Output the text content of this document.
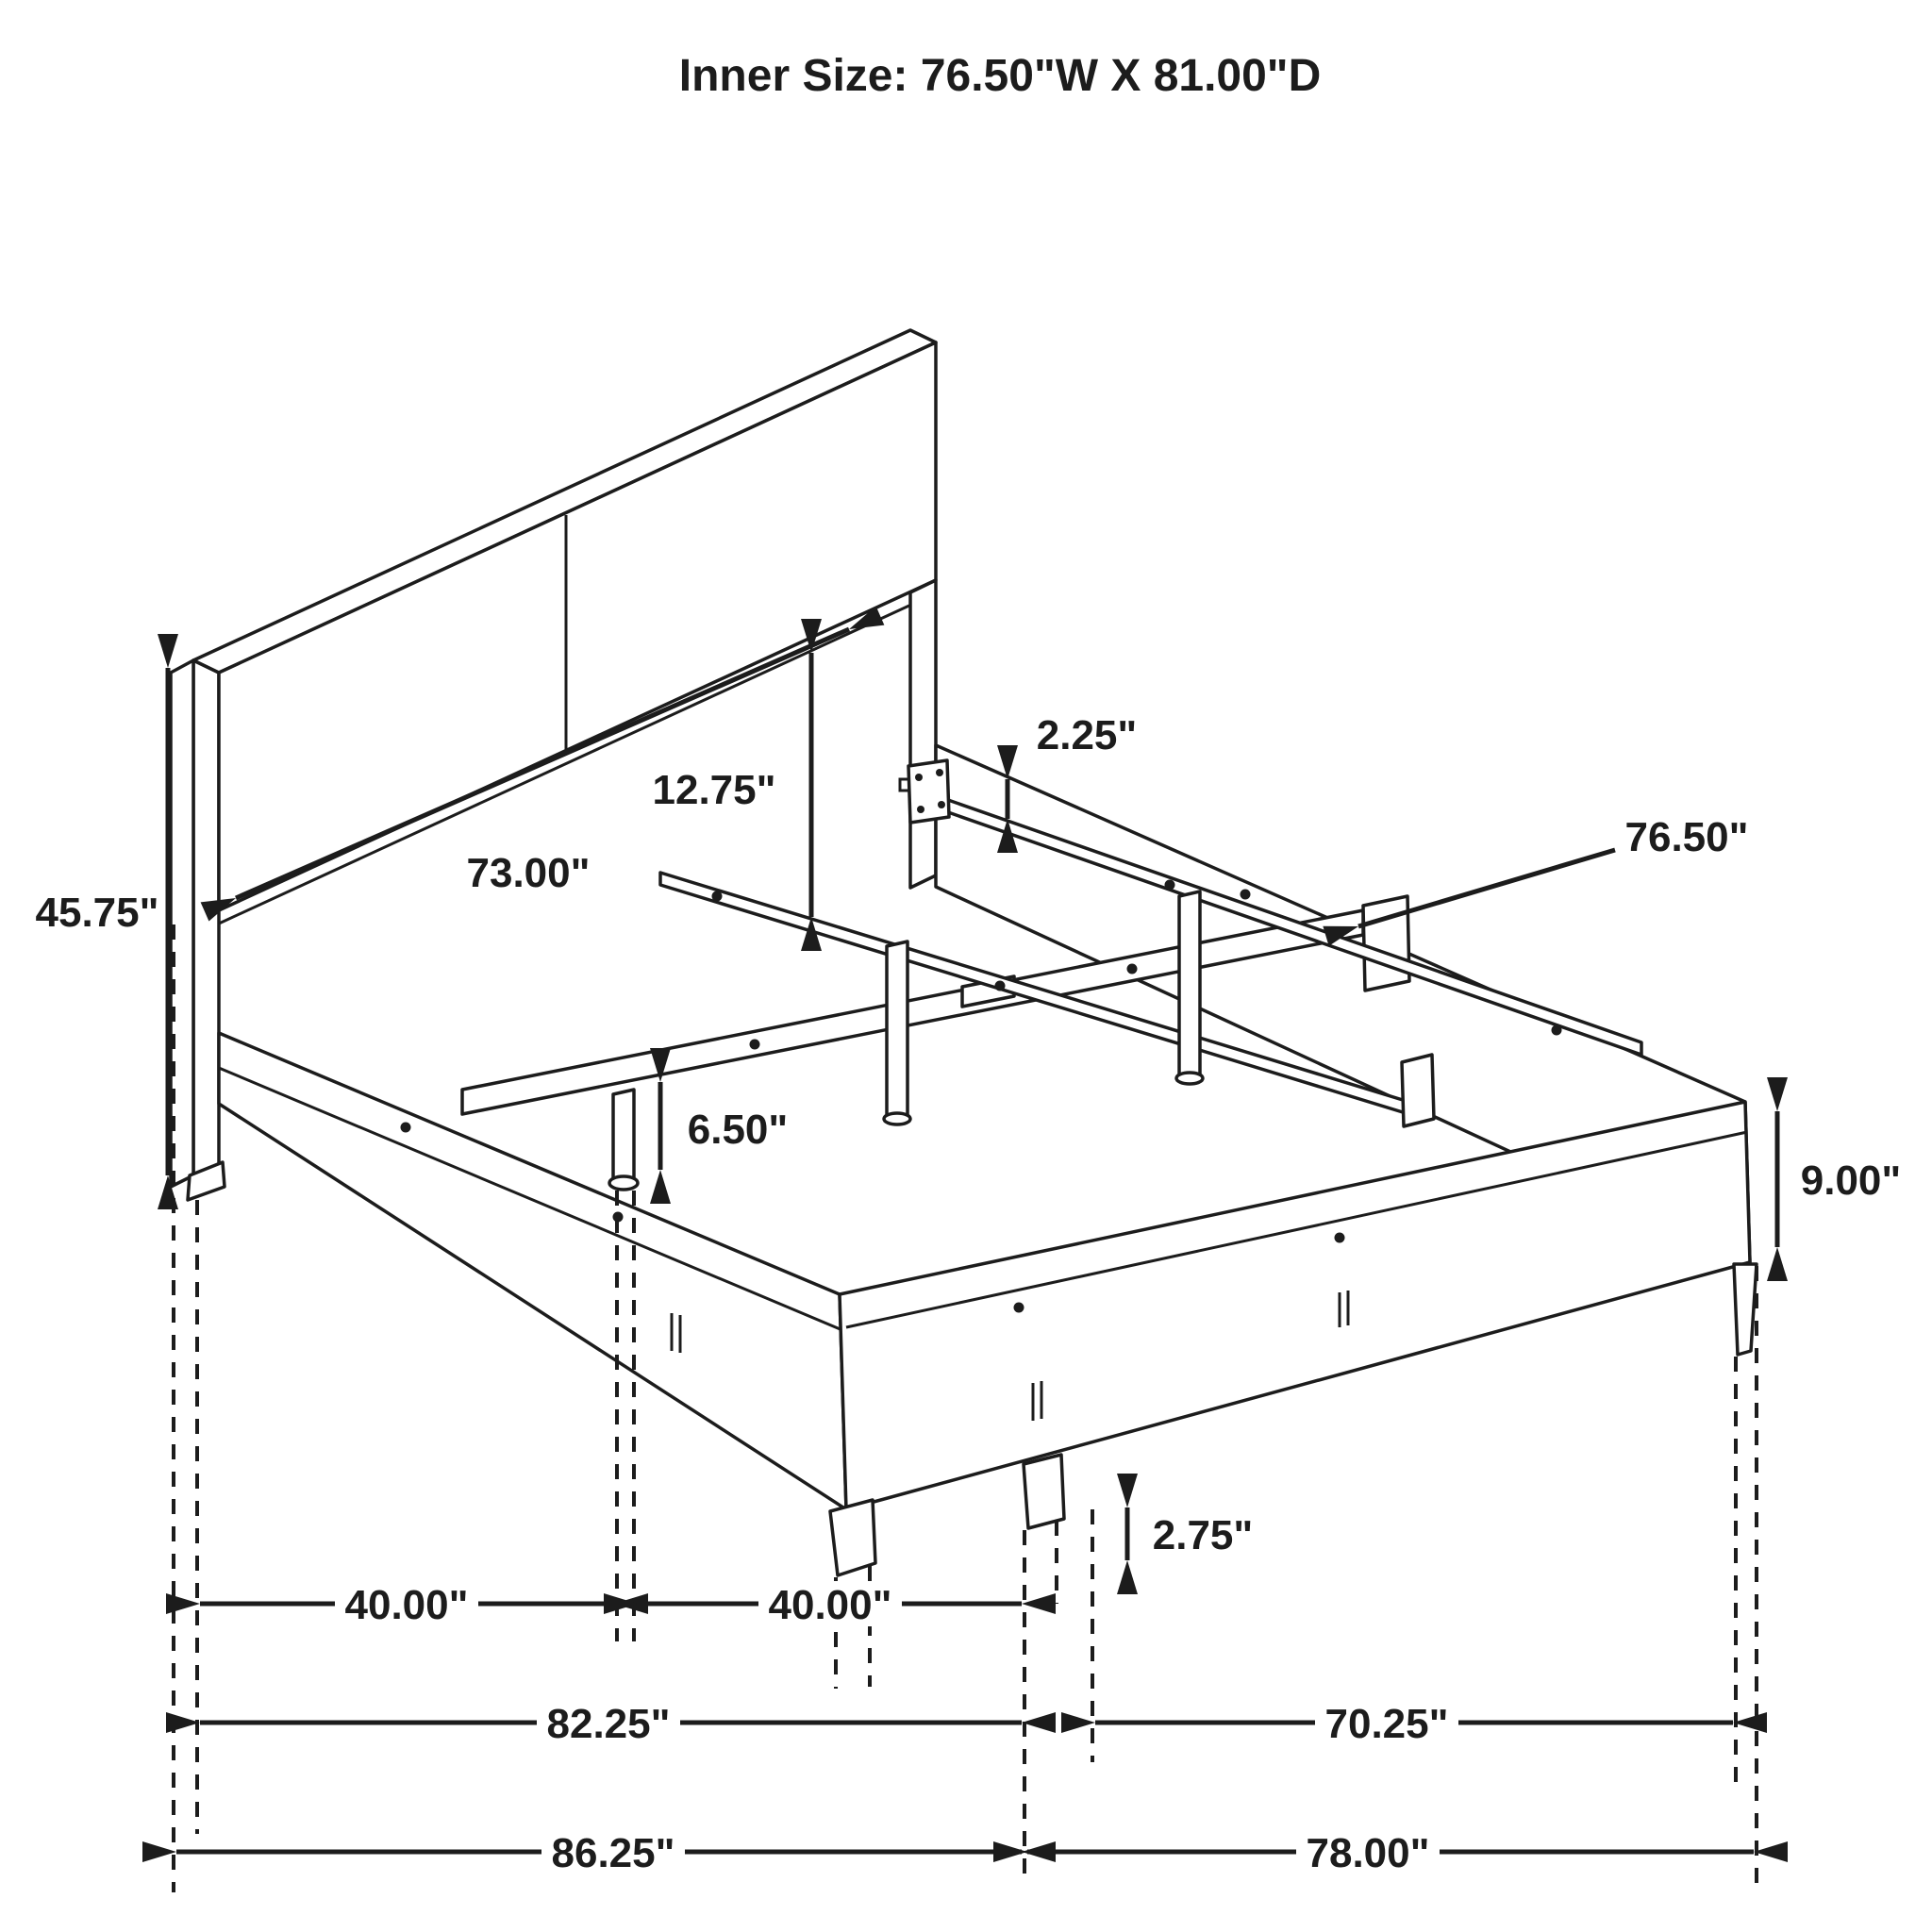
45.75"
73.00"
12.75"
2.25"
76.50"
6.50"
9.00"
2.75"
40.00"	40.00"
82.25"	70.25"
86.25"	78.00"
Inner Size: 76.50"W X 81.00"D
